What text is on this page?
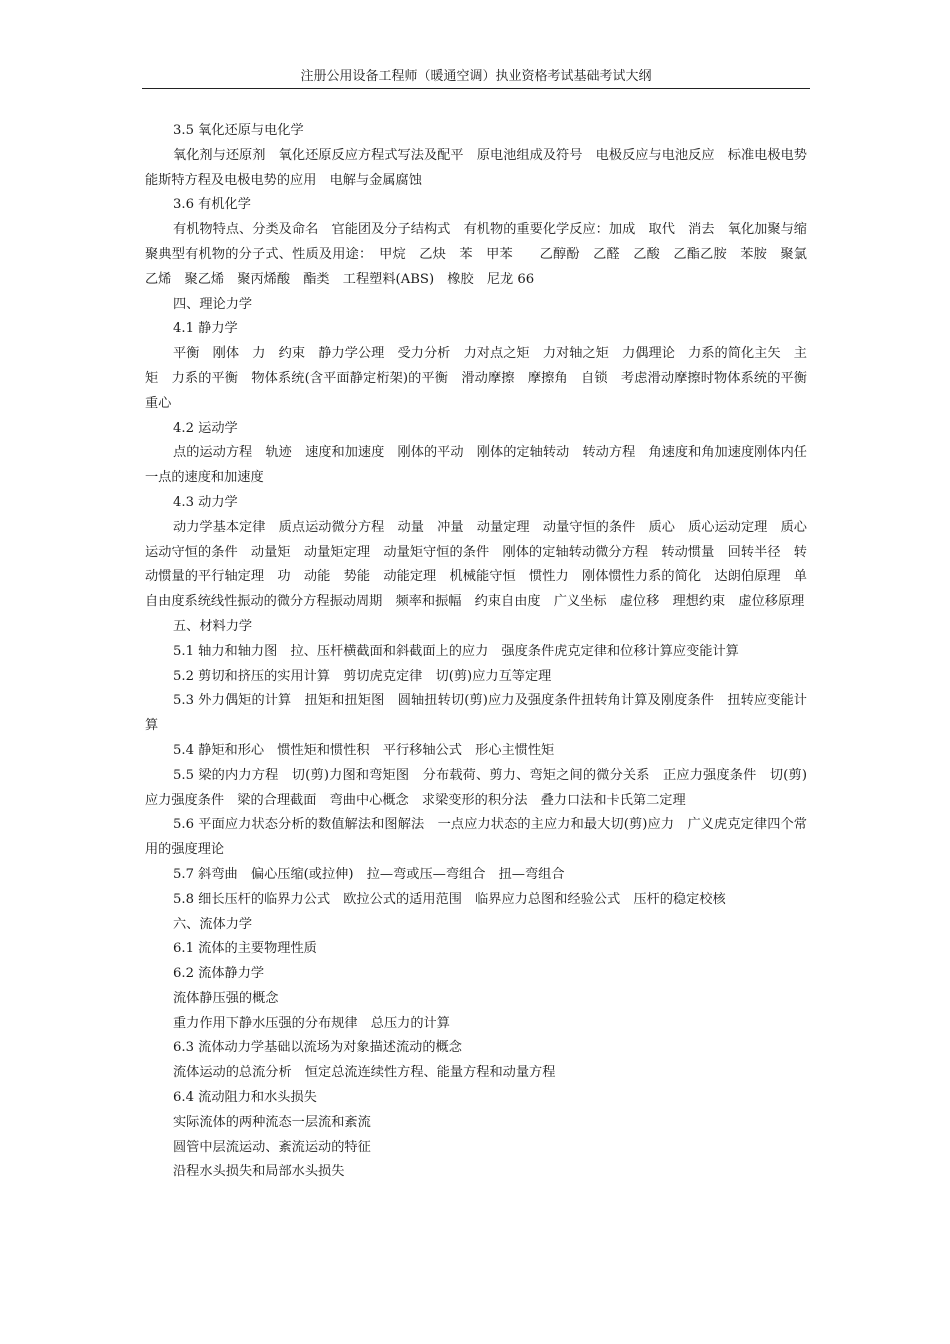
注册公用设备工程师（暖通空调）执业资格考试基础考试大纲

3.5 氧化还原与电化学

氧化剂与还原剂　氧化还原反应方程式写法及配平　原电池组成及符号　电极反应与电池反应　标准电极电势　能斯特方程及电极电势的应用　电解与金属腐蚀

3.6 有机化学

有机物特点、分类及命名　官能团及分子结构式　有机物的重要化学反应：加成　取代　消去　氧化加聚与缩聚典型有机物的分子式、性质及用途：　甲烷　乙炔　苯　甲苯　　乙醇酚　乙醛　乙酸　乙酯乙胺　苯胺　聚氯乙烯　聚乙烯　聚丙烯酸　酯类　工程塑料(ABS)　橡胶　尼龙 66

四、理论力学

4.1 静力学

平衡　刚体　力　约束　静力学公理　受力分析　力对点之矩　力对轴之矩　力偶理论　力系的简化主矢　主矩　力系的平衡　物体系统(含平面静定桁架)的平衡　滑动摩擦　摩擦角　自锁　考虑滑动摩擦时物体系统的平衡　重心

4.2 运动学

点的运动方程　轨迹　速度和加速度　刚体的平动　刚体的定轴转动　转动方程　角速度和角加速度刚体内任一点的速度和加速度

4.3 动力学

动力学基本定律　质点运动微分方程　动量　冲量　动量定理　动量守恒的条件　质心　质心运动定理　质心运动守恒的条件　动量矩　动量矩定理　动量矩守恒的条件　刚体的定轴转动微分方程　转动惯量　回转半径　转动惯量的平行轴定理　功　动能　势能　动能定理　机械能守恒　惯性力　刚体惯性力系的简化　达朗伯原理　单自由度系统线性振动的微分方程振动周期　频率和振幅　约束自由度　广义坐标　虚位移　理想约束　虚位移原理

五、材料力学

5.1 轴力和轴力图　拉、压杆横截面和斜截面上的应力　强度条件虎克定律和位移计算应变能计算

5.2 剪切和挤压的实用计算　剪切虎克定律　切(剪)应力互等定理

5.3 外力偶矩的计算　扭矩和扭矩图　圆轴扭转切(剪)应力及强度条件扭转角计算及刚度条件　扭转应变能计算

5.4 静矩和形心　惯性矩和惯性积　平行移轴公式　形心主惯性矩

5.5 梁的内力方程　切(剪)力图和弯矩图　分布载荷、剪力、弯矩之间的微分关系　正应力强度条件　切(剪)应力强度条件　梁的合理截面　弯曲中心概念　求梁变形的积分法　叠力口法和卡氏第二定理

5.6 平面应力状态分析的数值解法和图解法　一点应力状态的主应力和最大切(剪)应力　广义虎克定律四个常用的强度理论

5.7 斜弯曲　偏心压缩(或拉伸)　拉—弯或压—弯组合　扭—弯组合

5.8 细长压杆的临界力公式　欧拉公式的适用范围　临界应力总图和经验公式　压杆的稳定校核

六、流体力学

6.1 流体的主要物理性质

6.2 流体静力学

流体静压强的概念

重力作用下静水压强的分布规律　总压力的计算

6.3 流体动力学基础以流场为对象描述流动的概念

流体运动的总流分析　恒定总流连续性方程、能量方程和动量方程

6.4 流动阻力和水头损失

实际流体的两种流态一层流和紊流

圆管中层流运动、紊流运动的特征

沿程水头损失和局部水头损失
